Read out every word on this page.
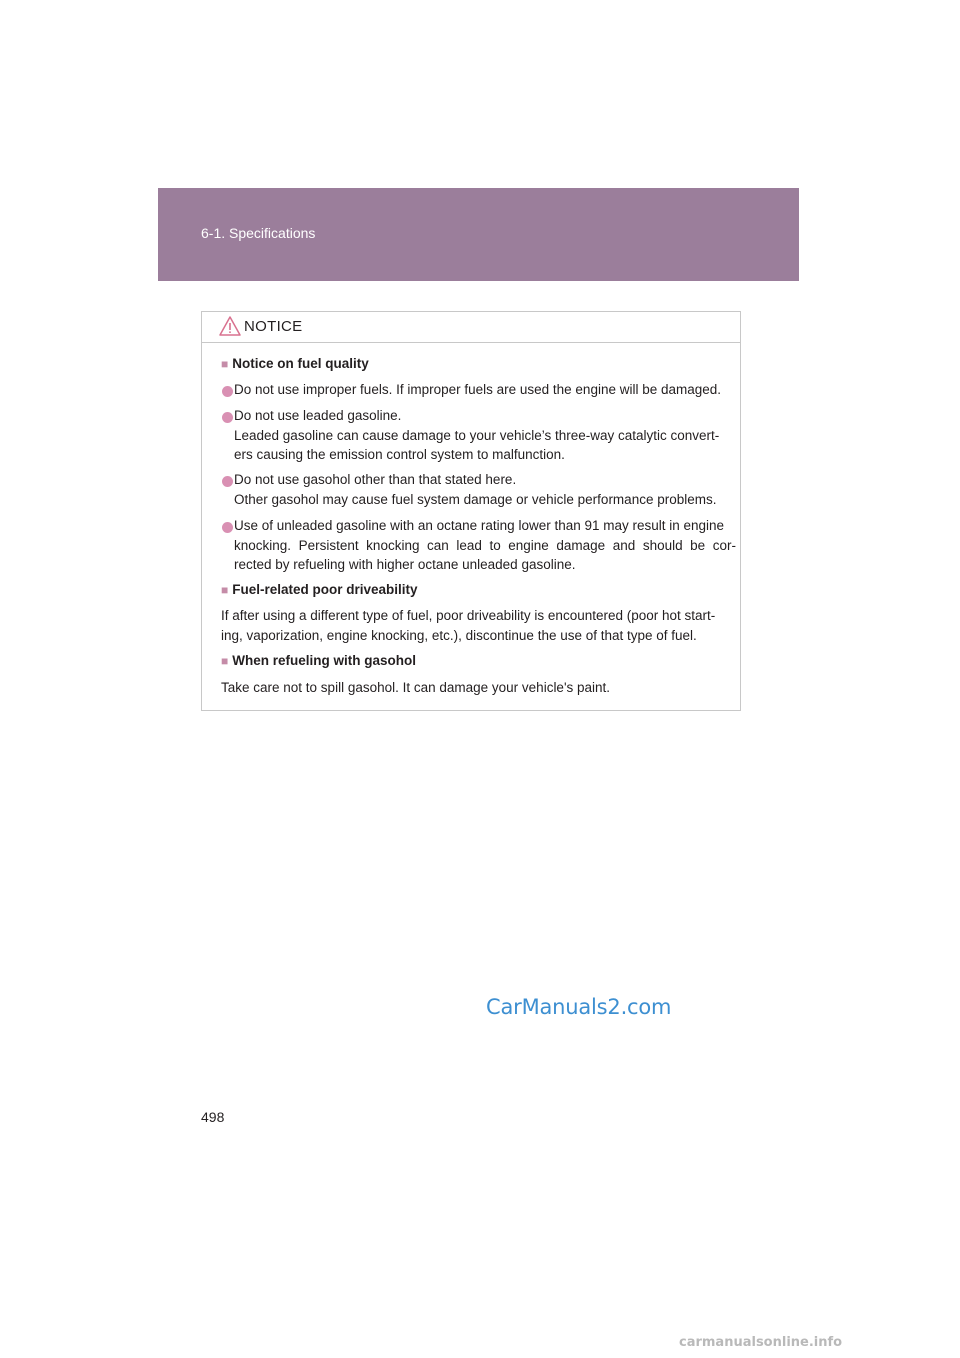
6-1. Specifications
NOTICE
■ Notice on fuel quality
Do not use improper fuels. If improper fuels are used the engine will be damaged.
Do not use leaded gasoline.
Leaded gasoline can cause damage to your vehicle’s three-way catalytic convert-
ers causing the emission control system to malfunction.
Do not use gasohol other than that stated here.
Other gasohol may cause fuel system damage or vehicle performance problems.
Use of unleaded gasoline with an octane rating lower than 91 may result in engine
knocking. Persistent knocking can lead to engine damage and should be cor-
rected by refueling with higher octane unleaded gasoline.
■ Fuel-related poor driveability
If after using a different type of fuel, poor driveability is encountered (poor hot start-
ing, vaporization, engine knocking, etc.), discontinue the use of that type of fuel.
■ When refueling with gasohol
Take care not to spill gasohol. It can damage your vehicle's paint.
CarManuals2.com
498
carmanualsonline.info
